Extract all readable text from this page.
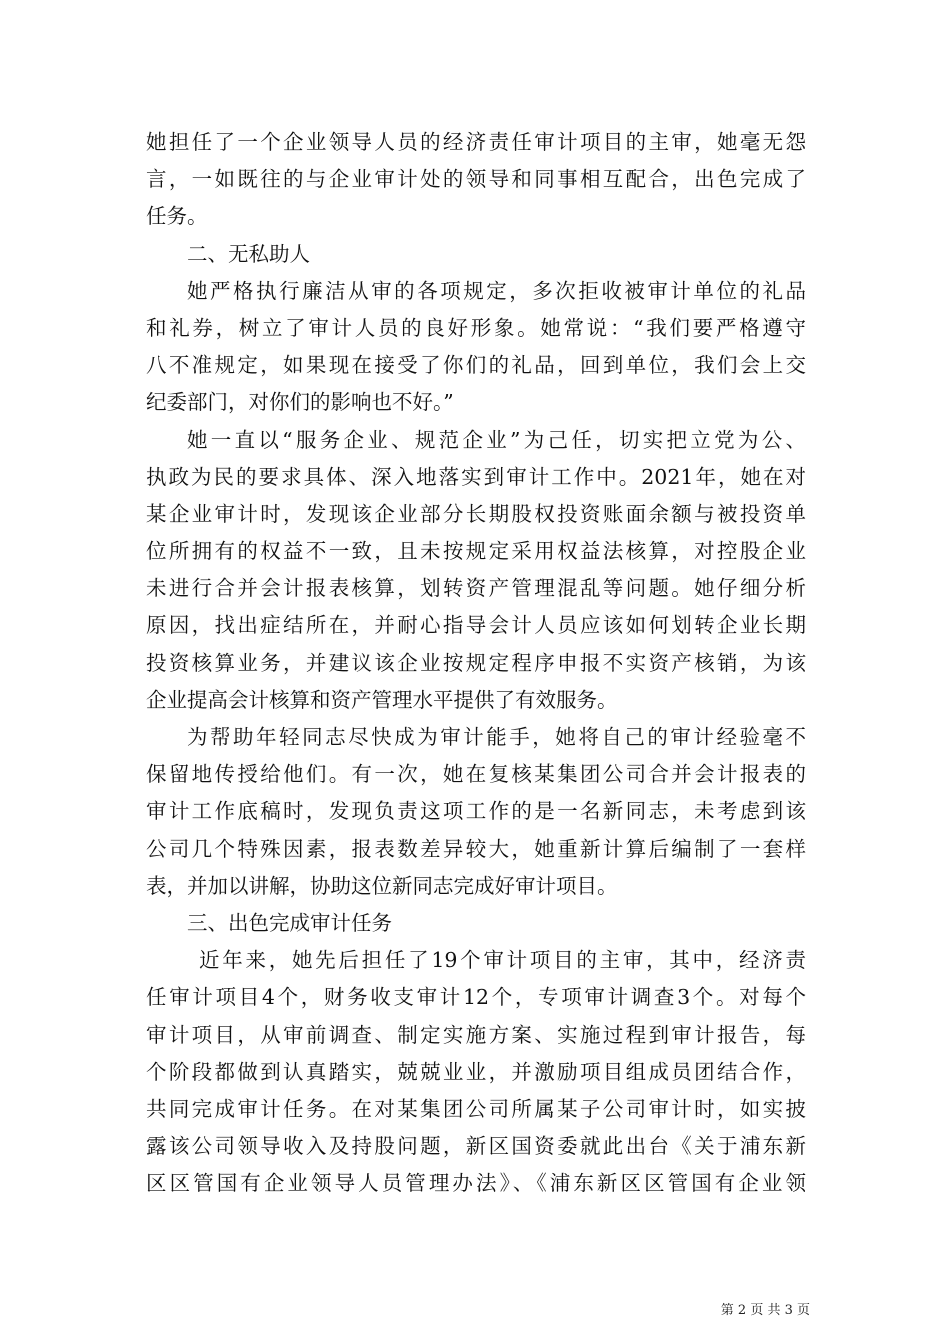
她担任了一个企业领导人员的经济责任审计项目的主审，她毫无怨
言，一如既往的与企业审计处的领导和同事相互配合，出色完成了
任务。
二、无私助人
她严格执行廉洁从审的各项规定，多次拒收被审计单位的礼品
和礼券，树立了审计人员的良好形象。她常说：“我们要严格遵守
八不准规定，如果现在接受了你们的礼品，回到单位，我们会上交
纪委部门，对你们的影响也不好。”
她一直以“服务企业、规范企业”为己任，切实把立党为公、
执政为民的要求具体、深入地落实到审计工作中。2021年，她在对
某企业审计时，发现该企业部分长期股权投资账面余额与被投资单
位所拥有的权益不一致，且未按规定采用权益法核算，对控股企业
未进行合并会计报表核算，划转资产管理混乱等问题。她仔细分析
原因，找出症结所在，并耐心指导会计人员应该如何划转企业长期
投资核算业务，并建议该企业按规定程序申报不实资产核销，为该
企业提高会计核算和资产管理水平提供了有效服务。
为帮助年轻同志尽快成为审计能手，她将自己的审计经验毫不
保留地传授给他们。有一次，她在复核某集团公司合并会计报表的
审计工作底稿时，发现负责这项工作的是一名新同志，未考虑到该
公司几个特殊因素，报表数差异较大，她重新计算后编制了一套样
表，并加以讲解，协助这位新同志完成好审计项目。
三、出色完成审计任务
近年来，她先后担任了19个审计项目的主审，其中，经济责
任审计项目4个，财务收支审计12个，专项审计调查3个。对每个
审计项目，从审前调查、制定实施方案、实施过程到审计报告，每
个阶段都做到认真踏实，兢兢业业，并激励项目组成员团结合作，
共同完成审计任务。在对某集团公司所属某子公司审计时，如实披
露该公司领导收入及持股问题，新区国资委就此出台《关于浦东新
区区管国有企业领导人员管理办法》、《浦东新区区管国有企业领
第 2 页 共 3 页
